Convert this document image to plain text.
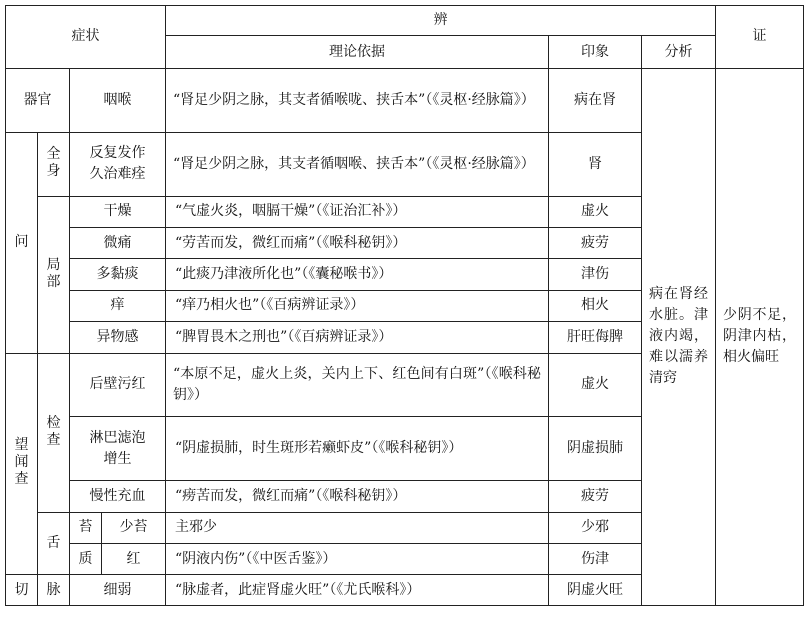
症状				辨			证
				理论依据	印象	分析	
器官		咽喉		“肾足少阴之脉，其支者循喉咙、挟舌本”（《灵枢·经脉篇》）	病在肾	病在肾经水脏。津液内竭，难以濡养清窍	少阴不足，阴津内枯，相火偏旺
问	全身	反复发作久治难痊		“肾足少阴之脉，其支者循咽喉、挟舌本”（《灵枢·经脉篇》）	肾		
	局部	干燥		“气虚火炎，咽膈干燥”（《证治汇补》）	虚火		
		微痛		“劳苦而发，微红而痛”（《喉科秘钥》）	疲劳		
		多黏痰		“此痰乃津液所化也”（《囊秘喉书》）	津伤		
		痒		“痒乃相火也”（《百病辨证录》）	相火		
		异物感		“脾胃畏木之刑也”（《百病辨证录》）	肝旺侮脾		
望闻查	检查	后壁污红		“本原不足，虚火上炎，关内上下、红色间有白斑”（《喉科秘钥》）	虚火		
		淋巴滤泡增生		“阴虚损肺，时生斑形若癞虾皮”（《喉科秘钥》）	阴虚损肺		
		慢性充血		“痨苦而发，微红而痛”（《喉科秘钥》）	疲劳		
	舌	苔	少苔	主邪少	少邪		
		质	红	“阴液内伤”（《中医舌鉴》）	伤津		
切	脉	细弱		“脉虚者，此症肾虚火旺”（《尤氏喉科》）	阴虚火旺		
